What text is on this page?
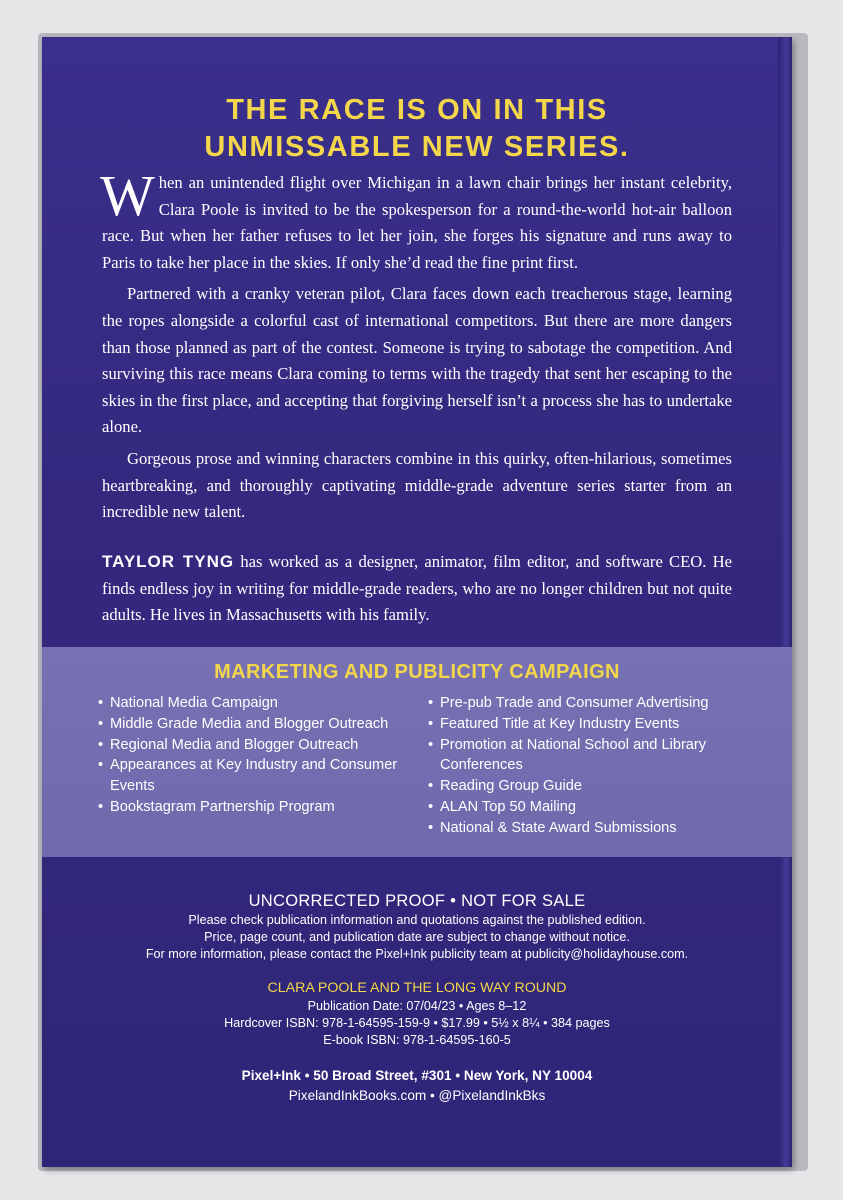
THE RACE IS ON IN THIS
UNMISSABLE NEW SERIES.

When an unintended flight over Michigan in a lawn chair brings her instant celebrity, Clara Poole is invited to be the spokesperson for a round-the-world hot-air balloon race. But when her father refuses to let her join, she forges his signature and runs away to Paris to take her place in the skies. If only she’d read the fine print first.

Partnered with a cranky veteran pilot, Clara faces down each treacherous stage, learning the ropes alongside a colorful cast of international competitors. But there are more dangers than those planned as part of the contest. Someone is trying to sabotage the competition. And surviving this race means Clara coming to terms with the tragedy that sent her escaping to the skies in the first place, and accepting that forgiving herself isn’t a process she has to undertake alone.

Gorgeous prose and winning characters combine in this quirky, often-hilarious, sometimes heartbreaking, and thoroughly captivating middle-grade adventure series starter from an incredible new talent.

TAYLOR TYNG has worked as a designer, animator, film editor, and software CEO. He finds endless joy in writing for middle-grade readers, who are no longer children but not quite adults. He lives in Massachusetts with his family.
MARKETING AND PUBLICITY CAMPAIGN
• National Media Campaign
• Middle Grade Media and Blogger Outreach
• Regional Media and Blogger Outreach
• Appearances at Key Industry and Consumer Events
• Bookstagram Partnership Program
• Pre-pub Trade and Consumer Advertising
• Featured Title at Key Industry Events
• Promotion at National School and Library Conferences
• Reading Group Guide
• ALAN Top 50 Mailing
• National & State Award Submissions
UNCORRECTED PROOF • NOT FOR SALE
Please check publication information and quotations against the published edition.
Price, page count, and publication date are subject to change without notice.
For more information, please contact the Pixel+Ink publicity team at publicity@holidayhouse.com.
CLARA POOLE AND THE LONG WAY ROUND
Publication Date: 07/04/23 • Ages 8–12
Hardcover ISBN: 978-1-64595-159-9 • $17.99 • 5½ x 8¼ • 384 pages
E-book ISBN: 978-1-64595-160-5
Pixel+Ink • 50 Broad Street, #301 • New York, NY 10004
PixelandInkBooks.com • @PixelandInkBks
